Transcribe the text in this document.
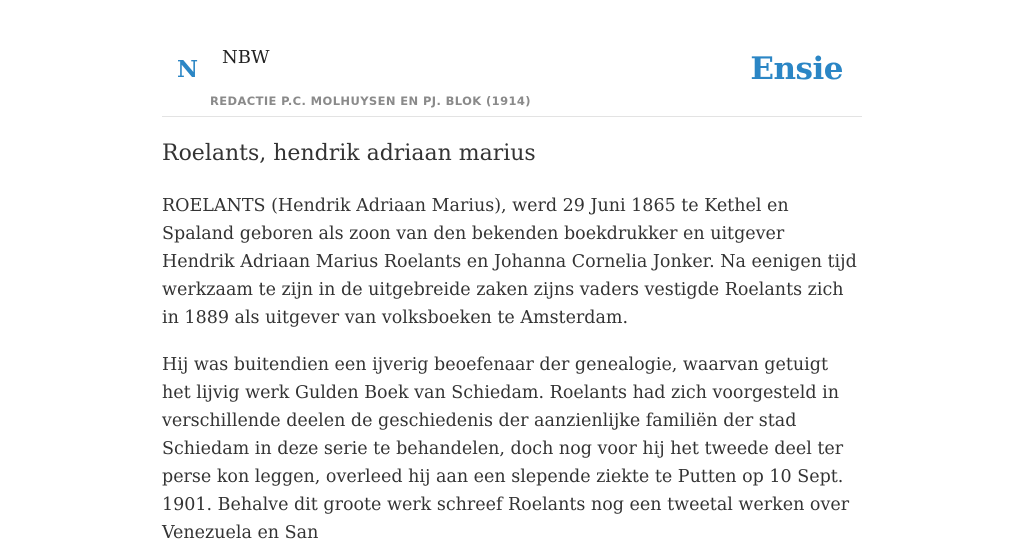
N NBW
REDACTIE P.C. MOLHUYSEN EN PJ. BLOK (1914)
Ensie
Roelants, hendrik adriaan marius

ROELANTS (Hendrik Adriaan Marius), werd 29 Juni 1865 te Kethel en Spaland geboren als zoon van den bekenden boekdrukker en uitgever Hendrik Adriaan Marius Roelants en Johanna Cornelia Jonker. Na eenigen tijd werkzaam te zijn in de uitgebreide zaken zijns vaders vestigde Roelants zich in 1889 als uitgever van volksboeken te Amsterdam.

Hij was buitendien een ijverig beoefenaar der genealogie, waarvan getuigt het lijvig werk Gulden Boek van Schiedam. Roelants had zich voorgesteld in verschillende deelen de geschiedenis der aanzienlijke familiën der stad Schiedam in deze serie te behandelen, doch nog voor hij het tweede deel ter perse kon leggen, overleed hij aan een slepende ziekte te Putten op 10 Sept. 1901. Behalve dit groote werk schreef Roelants nog een tweetal werken over Venezuela en San
